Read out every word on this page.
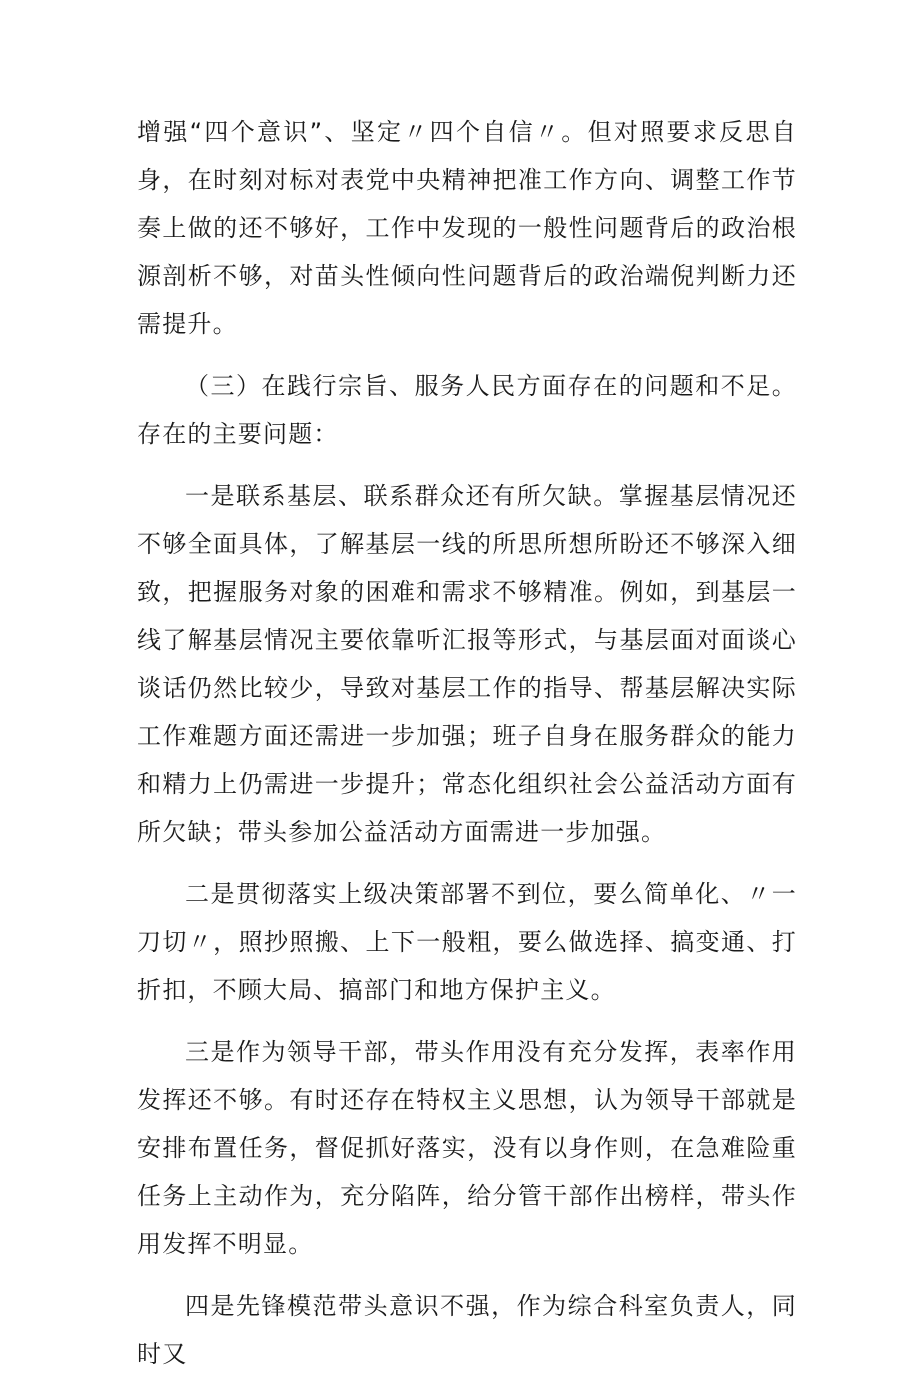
增强“四个意识”、坚定〃四个自信〃。但对照要求反思自身，在时刻对标对表党中央精神把准工作方向、调整工作节奏上做的还不够好，工作中发现的一般性问题背后的政治根源剖析不够，对苗头性倾向性问题背后的政治端倪判断力还需提升。

（三）在践行宗旨、服务人民方面存在的问题和不足。存在的主要问题：

一是联系基层、联系群众还有所欠缺。掌握基层情况还不够全面具体，了解基层一线的所思所想所盼还不够深入细致，把握服务对象的困难和需求不够精准。例如，到基层一线了解基层情况主要依靠听汇报等形式，与基层面对面谈心谈话仍然比较少，导致对基层工作的指导、帮基层解决实际工作难题方面还需进一步加强；班子自身在服务群众的能力和精力上仍需进一步提升；常态化组织社会公益活动方面有所欠缺；带头参加公益活动方面需进一步加强。

二是贯彻落实上级决策部署不到位，要么简单化、〃一刀切〃，照抄照搬、上下一般粗，要么做选择、搞变通、打折扣，不顾大局、搞部门和地方保护主义。

三是作为领导干部，带头作用没有充分发挥，表率作用发挥还不够。有时还存在特权主义思想，认为领导干部就是安排布置任务，督促抓好落实，没有以身作则，在急难险重任务上主动作为，充分陷阵，给分管干部作出榜样，带头作用发挥不明显。

四是先锋模范带头意识不强，作为综合科室负责人，同时又
